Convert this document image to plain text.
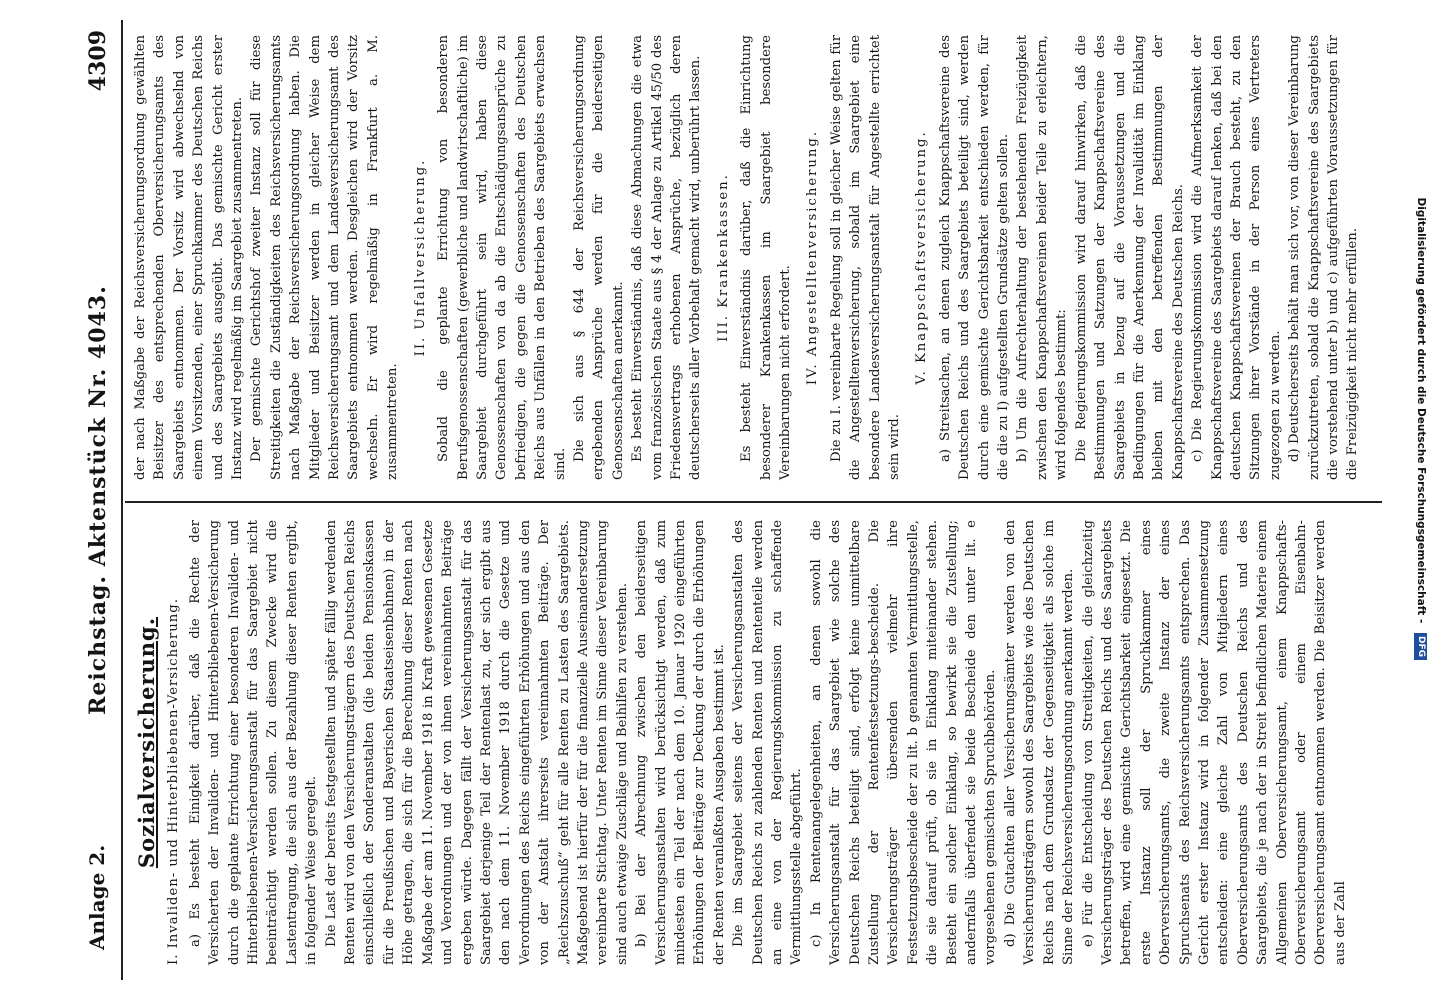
Anlage 2.
Reichstag. Aktenstück Nr. 4043.
4309
Sozialversicherung. I. Invaliden- und Hinterbliebenen-Versicherung. a) Es besteht Einigkeit darüber, daß die Rechte der Versicherten der Invaliden- und Hinterbliebenen-Versicherung durch die geplante Errichtung einer besonderen Invaliden- und Hinterbliebenen-Versicherungsanstalt für das Saargebiet nicht beeinträchtigt werden sollen. Zu diesem Zwecke wird die Lastentragung, die sich aus der Bezahlung dieser Renten ergibt, in folgender Weise geregelt. Die Last der bereits festgestellten und später fällig werdenden Renten wird von den Versicherungsträgern des Deutschen Reichs einschließlich der Sonderanstalten (die beiden Pensionskassen für die Preußischen und Bayerischen Staatseisenbahnen) in der Höhe getragen, die sich für die Berechnung dieser Renten nach Maßgabe der am 11. November 1918 in Kraft gewesenen Gesetze und Verordnungen und der von ihnen vereinnahmten Beiträge ergeben würde. Dagegen fällt der Versicherungsanstalt für das Saargebiet derjenige Teil der Rentenlast zu, der sich ergibt aus den nach dem 11. November 1918 durch die Gesetze und Verordnungen des Reichs eingeführten Erhöhungen und aus den von der Anstalt ihrerseits vereinnahmten Beiträge. Der „Reichszuschuß“ geht für alle Renten zu Lasten des Saargebiets. Maßgebend ist hierfür der für die finanzielle Auseinandersetzung vereinbarte Stichtag. Unter Renten im Sinne dieser Vereinbarung sind auch etwaige Zuschläge und Beihilfen zu verstehen. b) Bei der Abrechnung zwischen den beiderseitigen Versicherungsanstalten wird berücksichtigt werden, daß zum mindesten ein Teil der nach dem 10. Januar 1920 eingeführten Erhöhungen der Beiträge zur Deckung der durch die Erhöhungen der Renten veranlaßten Ausgaben bestimmt ist. Die im Saargebiet seitens der Versicherungsanstalten des Deutschen Reichs zu zahlenden Renten und Rententeile werden an eine von der Regierungskommission zu schaffende Vermittlungsstelle abgeführt. c) In Rentenangelegenheiten, an denen sowohl die Versicherungsanstalt für das Saargebiet wie solche des Deutschen Reichs beteiligt sind, erfolgt keine unmittelbare Zustellung der Rentenfestsetzungs-bescheide. Die Versicherungsträger übersenden vielmehr ihre Festsetzungsbescheide der zu lit. b genannten Vermittlungsstelle, die sie darauf prüft, ob sie in Einklang miteinander stehen. Besteht ein solcher Einklang, so bewirkt sie die Zustellung; andernfalls überfendet sie beide Bescheide den unter lit. e vorgesehenen gemischten Spruchbehörden. d) Die Gutachten aller Versicherungsämter werden von den Versicherungsträgern sowohl des Saargebiets wie des Deutschen Reichs nach dem Grundsatz der Gegenseitigkeit als solche im Sinne der Reichsversicherungsordnung anerkannt werden. e) Für die Entscheidung von Streitigkeiten, die gleichzeitig Versicherungsträger des Deutschen Reichs und des Saargebiets betreffen, wird eine gemischte Gerichtsbarkeit eingesetzt. Die erste Instanz soll der Spruchkammer eines Oberversicherungsamts, die zweite Instanz der eines Spruchsenats des Reichsversicherungsamts entsprechen. Das Gericht erster Instanz wird in folgender Zusammensetzung entscheiden: eine gleiche Zahl von Mitgliedern eines Oberversicherungsamts des Deutschen Reichs und des Saargebiets, die je nach der in Streit befindlichen Materie einem Allgemeinen Oberversicherungsamt, einem Knappschafts-Oberversicherungsamt oder einem Eisenbahn-Oberversicherungsamt entnommen werden. Die Beisitzer werden aus der Zahl

der nach Maßgabe der Reichsversicherungsordnung gewählten Beisitzer des entsprechenden Oberversicherungsamts des Saargebiets entnommen. Der Vorsitz wird abwechselnd von einem Vorsitzenden, einer Spruchkammer des Deutschen Reichs und des Saargebiets ausgeübt. Das gemischte Gericht erster Instanz wird regelmäßig im Saargebiet zusammentreten. Der gemischte Gerichtshof zweiter Instanz soll für diese Streitigkeiten die Zuständigkeiten des Reichsversicherungsamts nach Maßgabe der Reichsversicherungsordnung haben. Die Mitglieder und Beisitzer werden in gleicher Weise dem Reichsversicherungsamt und dem Landesversicherungsamt des Saargebiets entnommen werden. Desgleichen wird der Vorsitz wechseln. Er wird regelmäßig in Frankfurt a. M. zusammentreten.

II. Unfallversicherung. Sobald die geplante Errichtung von besonderen Berufsgenossenschaften (gewerbliche und landwirtschaftliche) im Saargebiet durchgeführt sein wird, haben diese Genossenschaften von da ab die Entschädigungsansprüche zu befriedigen, die gegen die Genossenschaften des Deutschen Reichs aus Unfällen in den Betrieben des Saargebiets erwachsen sind.

Die sich aus § 644 der Reichsversicherungsordnung ergebenden Ansprüche werden für die beiderseitigen Genossenschaften anerkannt. Es besteht Einverständnis, daß diese Abmachungen die etwa vom französischen Staate aus § 4 der Anlage zu Artikel 45/50 des Friedensvertrags erhobenen Ansprüche, bezüglich deren deutscherseits aller Vorbehalt gemacht wird, unberührt lassen. III. Krankenkassen. Es besteht Einverständnis darüber, daß die Einrichtung besonderer Krankenkassen im Saargebiet besondere Vereinbarungen nicht erfordert. IV. Angestelltenversicherung. Die zu I. vereinbarte Regelung soll in gleicher Weise gelten für die Angestelltenversicherung, sobald im Saargebiet eine besondere Landesversicherungsanstalt für Angestellte errichtet sein wird.

V. Knappschaftsversicherung. a) Streitsachen, an denen zugleich Knappschaftsvereine des Deutschen Reichs und des Saargebiets beteiligt sind, werden durch eine gemischte Gerichtsbarkeit entschieden werden, für die die zu I) aufgestellten Grundsätze gelten sollen. b) Um die Aufrechterhaltung der bestehenden Freizügigkeit zwischen den Knappschaftsvereinen beider Teile zu erleichtern, wird folgendes bestimmt: Die Regierungskommission wird darauf hinwirken, daß die Bestimmungen und Satzungen der Knappschaftsvereine des Saargebiets in bezug auf die Voraussetzungen und die Bedingungen für die Anerkennung der Invalidität im Einklang bleiben mit den betreffenden Bestimmungen der Knappschaftsvereine des Deutschen Reichs. c) Die Regierungskommission wird die Aufmerksamkeit der Knappschaftsvereine des Saargebiets darauf lenken, daß bei den deutschen Knappschaftsvereinen der Brauch besteht, zu den Sitzungen ihrer Vorstände in der Person eines Vertreters zugezogen zu werden. d) Deutscherseits behält man sich vor, von dieser Vereinbarung zurückzutreten, sobald die Knappschaftsvereine des Saargebiets die vorstehend unter b) und c) aufgeführten Voraussetzungen für die Freizügigkeit nicht mehr erfüllen.	Digitalisierung gefördert durch die Deutsche Forschungsgemeinschaft - DFG
